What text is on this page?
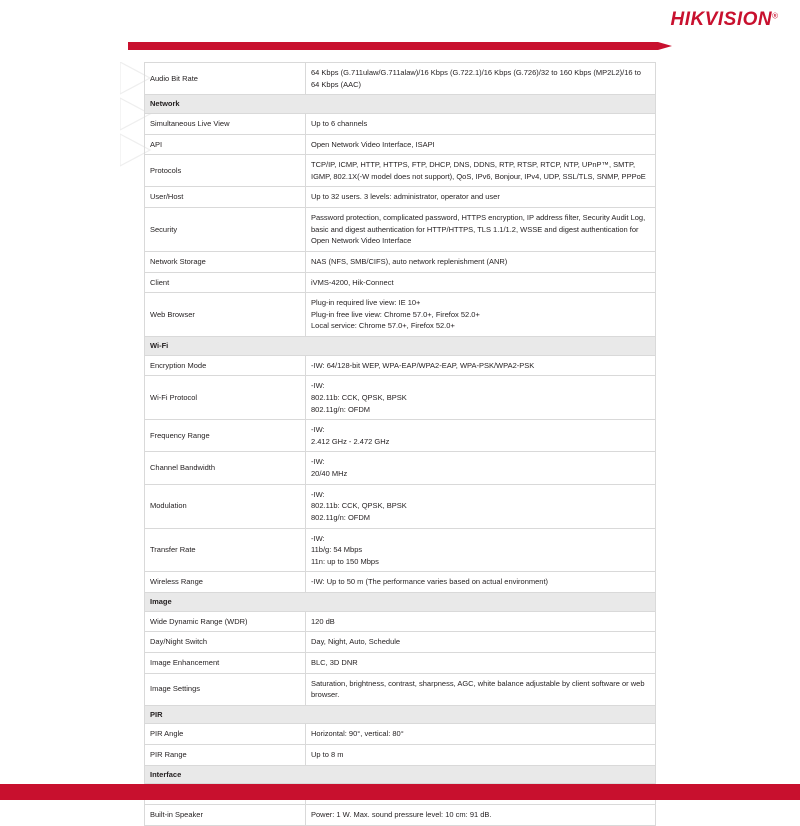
HIKVISION®
Audio Bit Rate	64 Kbps (G.711ulaw/G.711alaw)/16 Kbps (G.722.1)/16 Kbps (G.726)/32 to 160 Kbps (MP2L2)/16 to 64 Kbps (AAC)

Network	
Simultaneous Live View	Up to 6 channels

API	Open Network Video Interface, ISAPI

Protocols	TCP/IP, ICMP, HTTP, HTTPS, FTP, DHCP, DNS, DDNS, RTP, RTSP, RTCP, NTP, UPnP™, SMTP, IGMP, 802.1X(-W model does not support), QoS, IPv6, Bonjour, IPv4, UDP, SSL/TLS, SNMP, PPPoE

User/Host	Up to 32 users. 3 levels: administrator, operator and user

Security	Password protection, complicated password, HTTPS encryption, IP address filter, Security Audit Log, basic and digest authentication for HTTP/HTTPS, TLS 1.1/1.2, WSSE and digest authentication for Open Network Video Interface

Network Storage	NAS (NFS, SMB/CIFS), auto network replenishment (ANR)

Client	iVMS-4200, Hik-Connect

Web Browser	Plug-in required live view: IE 10+

Plug-in free live view: Chrome 57.0+, Firefox 52.0+

Local service: Chrome 57.0+, Firefox 52.0+

Wi-Fi	
Encryption Mode	-IW: 64/128-bit WEP, WPA-EAP/WPA2-EAP, WPA-PSK/WPA2-PSK

Wi-Fi Protocol	-IW:

802.11b: CCK, QPSK, BPSK

802.11g/n: OFDM

Frequency Range	-IW:

2.412 GHz - 2.472 GHz

Channel Bandwidth	-IW:

20/40 MHz

Modulation	-IW:

802.11b: CCK, QPSK, BPSK

802.11g/n: OFDM

Transfer Rate	-IW:

11b/g: 54 Mbps

11n: up to 150 Mbps

Wireless Range	-IW: Up to 50 m (The performance varies based on actual environment)

Image	
Wide Dynamic Range (WDR)	120 dB

Day/Night Switch	Day, Night, Auto, Schedule

Image Enhancement	BLC, 3D DNR

Image Settings	Saturation, brightness, contrast, sharpness, AGC, white balance adjustable by client software or web browser.

PIR	
PIR Angle	Horizontal: 90°, vertical: 80°

PIR Range	Up to 8 m

Interface	

Built-in Speaker	Power: 1 W. Max. sound pressure level: 10 cm: 91 dB.
